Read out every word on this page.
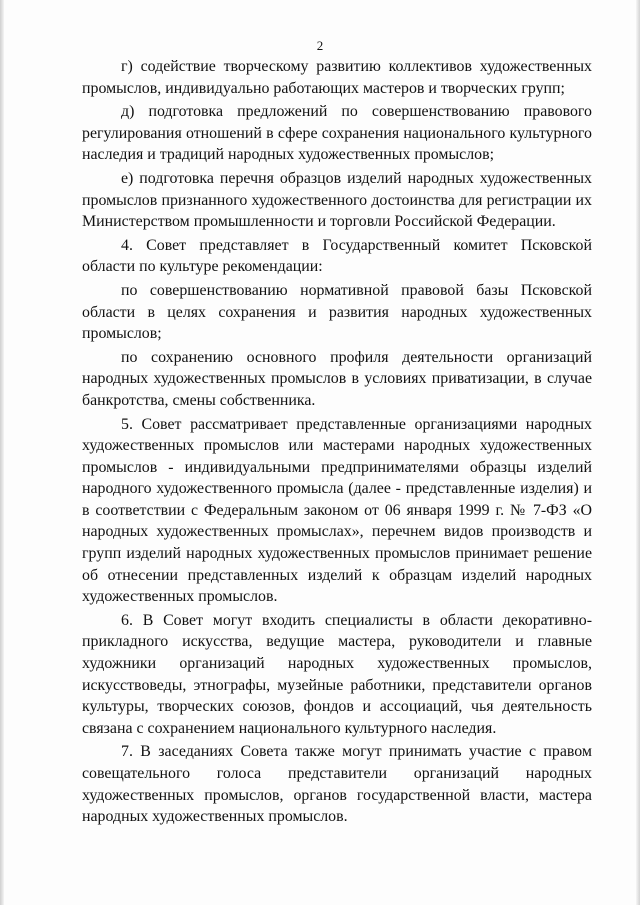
2

г) содействие творческому развитию коллективов художественных промыслов, индивидуально работающих мастеров и творческих групп;

д) подготовка предложений по совершенствованию правового регулирования отношений в сфере сохранения национального культурного наследия и традиций народных художественных промыслов;

е) подготовка перечня образцов изделий народных художественных промыслов признанного художественного достоинства для регистрации их Министерством промышленности и торговли Российской Федерации.

4. Совет представляет в Государственный комитет Псковской области по культуре рекомендации:

по совершенствованию нормативной правовой базы Псковской области в целях сохранения и развития народных художественных промыслов;

по сохранению основного профиля деятельности организаций народных художественных промыслов в условиях приватизации, в случае банкротства, смены собственника.

5. Совет рассматривает представленные организациями народных художественных промыслов или мастерами народных художественных промыслов - индивидуальными предпринимателями образцы изделий народного художественного промысла (далее - представленные изделия) и в соответствии с Федеральным законом от 06 января 1999 г. № 7-ФЗ «О народных художественных промыслах», перечнем видов производств и групп изделий народных художественных промыслов принимает решение об отнесении представленных изделий к образцам изделий народных художественных промыслов.

6. В Совет могут входить специалисты в области декоративно-прикладного искусства, ведущие мастера, руководители и главные художники организаций народных художественных промыслов, искусствоведы, этнографы, музейные работники, представители органов культуры, творческих союзов, фондов и ассоциаций, чья деятельность связана с сохранением национального культурного наследия.

7. В заседаниях Совета также могут принимать участие с правом совещательного голоса представители организаций народных художественных промыслов, органов государственной власти, мастера народных художественных промыслов.
